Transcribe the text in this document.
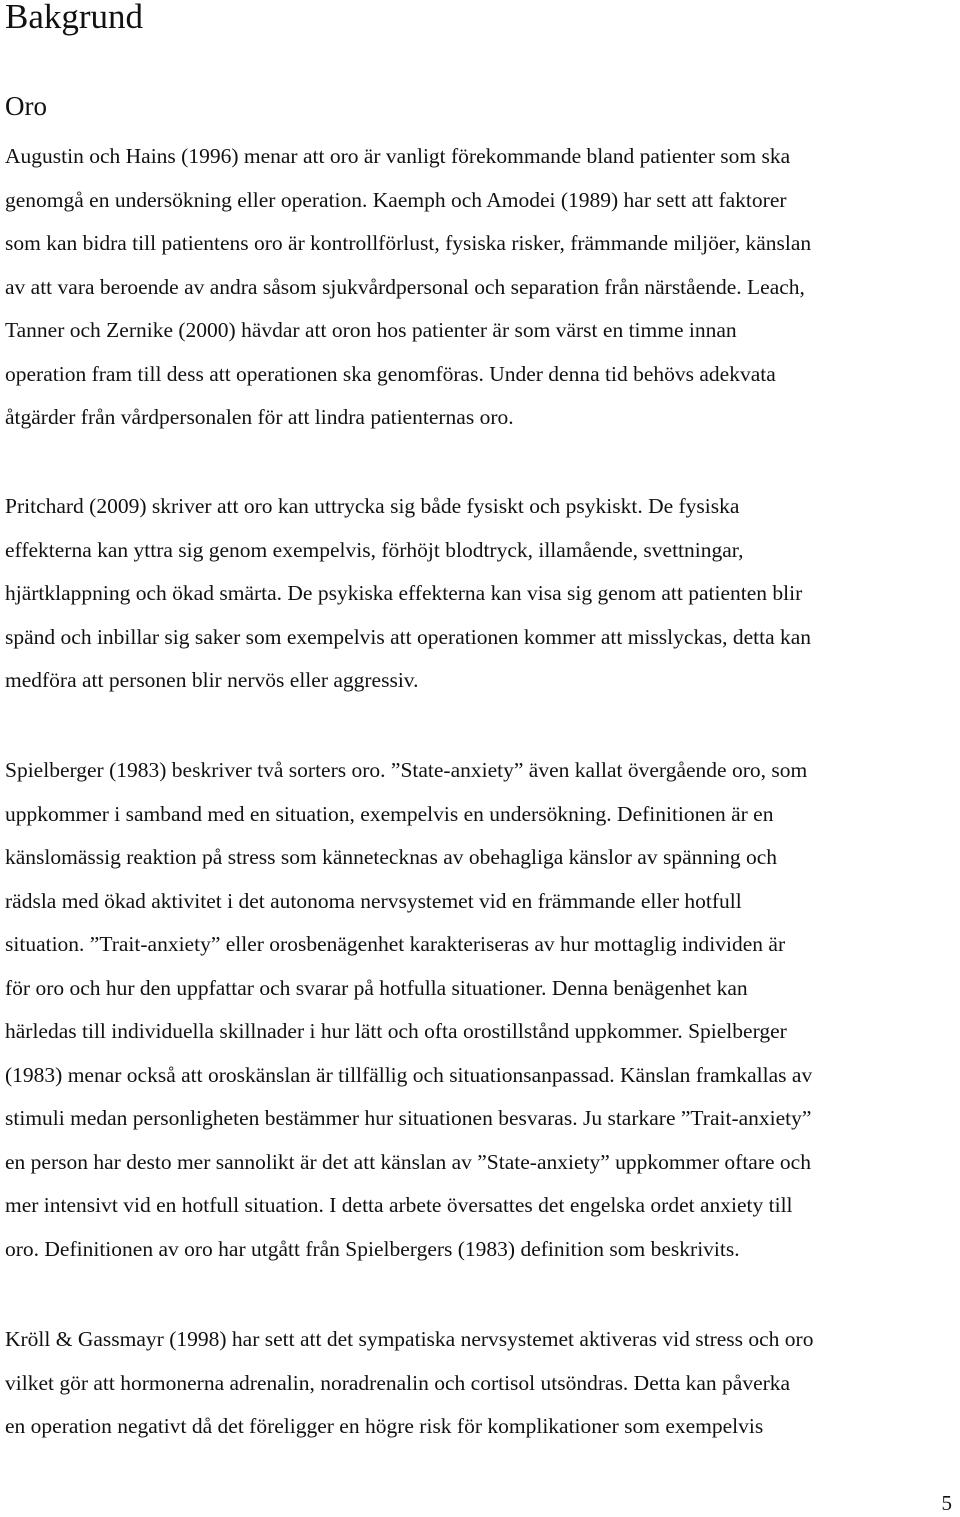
Bakgrund
Oro

Augustin och Hains (1996) menar att oro är vanligt förekommande bland patienter som ska
genomgå en undersökning eller operation. Kaemph och Amodei (1989) har sett att faktorer
som kan bidra till patientens oro är kontrollförlust, fysiska risker, främmande miljöer, känslan
av att vara beroende av andra såsom sjukvårdpersonal och separation från närstående. Leach,
Tanner och Zernike (2000) hävdar att oron hos patienter är som värst en timme innan
operation fram till dess att operationen ska genomföras. Under denna tid behövs adekvata
åtgärder från vårdpersonalen för att lindra patienternas oro.

Pritchard (2009) skriver att oro kan uttrycka sig både fysiskt och psykiskt. De fysiska
effekterna kan yttra sig genom exempelvis, förhöjt blodtryck, illamående, svettningar,
hjärtklappning och ökad smärta. De psykiska effekterna kan visa sig genom att patienten blir
spänd och inbillar sig saker som exempelvis att operationen kommer att misslyckas, detta kan
medföra att personen blir nervös eller aggressiv.

Spielberger (1983) beskriver två sorters oro. ”State-anxiety” även kallat övergående oro, som
uppkommer i samband med en situation, exempelvis en undersökning. Definitionen är en
känslomässig reaktion på stress som kännetecknas av obehagliga känslor av spänning och
rädsla med ökad aktivitet i det autonoma nervsystemet vid en främmande eller hotfull
situation. ”Trait-anxiety” eller orosbenägenhet karakteriseras av hur mottaglig individen är
för oro och hur den uppfattar och svarar på hotfulla situationer. Denna benägenhet kan
härledas till individuella skillnader i hur lätt och ofta orostillstånd uppkommer. Spielberger
(1983) menar också att oroskänslan är tillfällig och situationsanpassad. Känslan framkallas av
stimuli medan personligheten bestämmer hur situationen besvaras. Ju starkare ”Trait-anxiety”
en person har desto mer sannolikt är det att känslan av ”State-anxiety” uppkommer oftare och
mer intensivt vid en hotfull situation. I detta arbete översattes det engelska ordet anxiety till
oro. Definitionen av oro har utgått från Spielbergers (1983) definition som beskrivits.

Kröll & Gassmayr (1998) har sett att det sympatiska nervsystemet aktiveras vid stress och oro
vilket gör att hormonerna adrenalin, noradrenalin och cortisol utsöndras. Detta kan påverka
en operation negativt då det föreligger en högre risk för komplikationer som exempelvis

5
